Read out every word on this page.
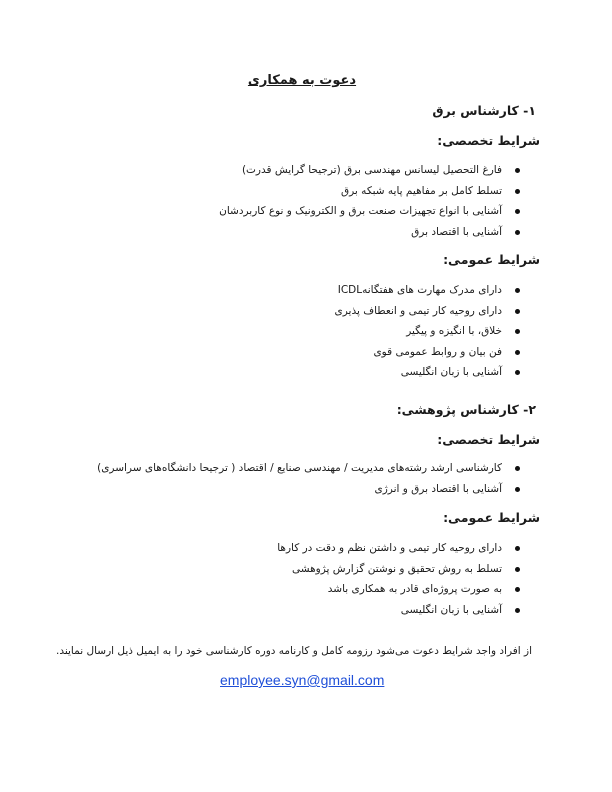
دعوت به همکاری
۱- کارشناس برق
شرایط تخصصی:
فارغ التحصیل لیسانس مهندسی برق (ترجیحا گرایش قدرت)
تسلط کامل بر مفاهیم پایه شبکه برق
آشنایی با انواع تجهیزات صنعت برق و الکترونیک و نوع کاربردشان
آشنایی با اقتصاد برق
شرایط عمومی:
دارای مدرک مهارت های هفتگانهICDL
دارای روحیه کار تیمی و انعطاف پذیری
خلاق، با انگیزه و پیگیر
فن بیان و روابط عمومی قوی
آشنایی با زبان انگلیسی
۲- کارشناس پژوهشی:
شرایط تخصصی:
کارشناسی ارشد رشته‌های مدیریت / مهندسی صنایع / اقتصاد ( ترجیحا دانشگاه‌های سراسری)
آشنایی با اقتصاد برق و انرژی
شرایط عمومی:
دارای روحیه کار تیمی و داشتن نظم و دقت در کارها
تسلط به روش تحقیق و نوشتن گزارش پژوهشی
به صورت پروژه‌ای قادر به همکاری باشد
آشنایی با زبان انگلیسی
از افراد واجد شرایط دعوت می‌شود رزومه کامل و کارنامه دوره کارشناسی خود را به ایمیل ذیل ارسال نمایند.
employee.syn@gmail.com
